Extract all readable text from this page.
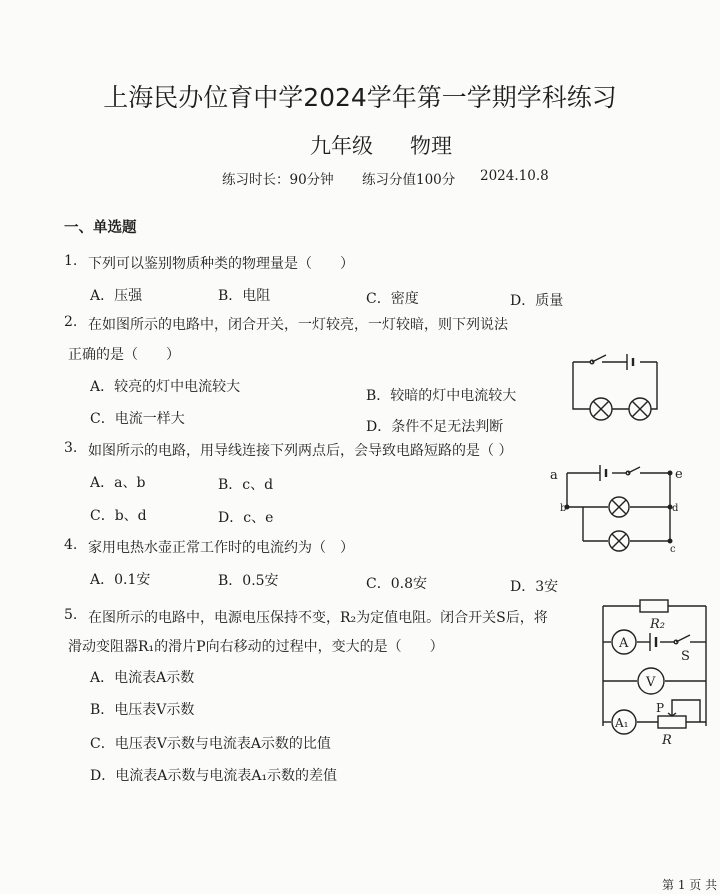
上海民办位育中学2024学年第一学期学科练习
九年级 物理
练习时长：90分钟 练习分值100分 2024.10.8
一、单选题
1. 下列可以鉴别物质种类的物理量是（　　）
A．压强	B．电阻	C．密度	D．质量
2. 在如图所示的电路中，闭合开关，一灯较亮，一灯较暗，则下列说法
正确的是（　　）
A．较亮的灯中电流较大
B．较暗的灯中电流较大
C．电流一样大	D．条件不足无法判断
3. 如图所示的电路，用导线连接下列两点后，会导致电路短路的是（ ）
A．a、b	B．c、d
C．b、d	D．c、e
4. 家用电热水壶正常工作时的电流约为（　）
A．0.1安	B．0.5安	C．0.8安	D．3安
5. 在图所示的电路中，电源电压保持不变，R₂为定值电阻。闭合开关S后，将
滑动变阻器R₁的滑片P向右移动的过程中，变大的是（　　）
A．电流表A示数
B．电压表V示数
C．电压表V示数与电流表A示数的比值
D．电流表A示数与电流表A₁示数的差值
a
b
c
d
e
R₂
A
S
V
A₁
P
R
第 1 页 共
